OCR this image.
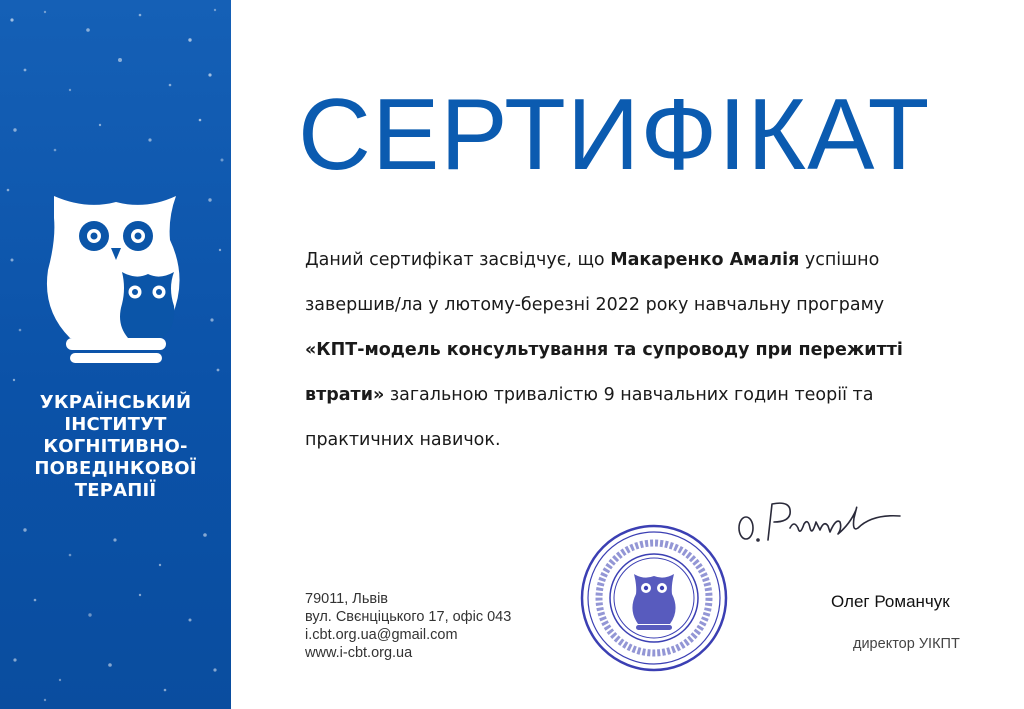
УКРАЇНСЬКИЙ
ІНСТИТУТ
КОГНІТИВНО-
ПОВЕДІНКОВОЇ
ТЕРАПІЇ
СЕРТИФІКАТ
Даний сертифікат засвідчує, що Макаренко Амалія успішно завершив/ла у лютому-березні 2022 року навчальну програму «КПТ-модель консультування та супроводу при пережитті втрати» загальною тривалістю 9 навчальних годин теорії та практичних навичок.
79011, Львів
вул. Свєнціцького 17, офіс 043
i.cbt.org.ua@gmail.com
www.i-cbt.org.ua
Олег Романчук
директор УІКПТ
